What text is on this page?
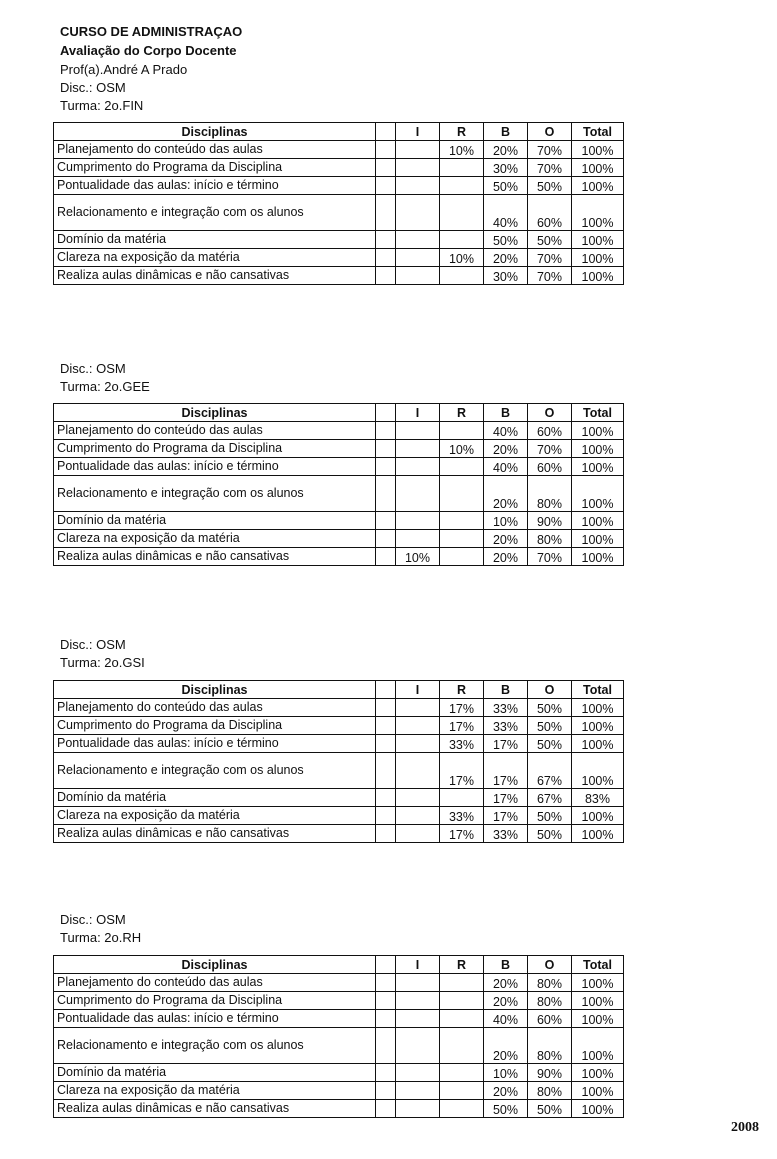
CURSO DE ADMINISTRAÇAO
Avaliação do Corpo Docente
Prof(a).André A Prado
Disc.: OSM
Turma: 2o.FIN
Disciplinas		I	R	B	O	Total
Planejamento do conteúdo das aulas			10%	20%	70%	100%
Cumprimento do Programa da Disciplina				30%	70%	100%
Pontualidade das aulas: início e término				50%	50%	100%
Relacionamento e integração com os alunos				40%	60%	100%
Domínio da matéria				50%	50%	100%
Clareza na exposição da matéria			10%	20%	70%	100%
Realiza aulas dinâmicas e não cansativas				30%	70%	100%
Disc.: OSM
Turma: 2o.GEE
Disciplinas		I	R	B	O	Total
Planejamento do conteúdo das aulas				40%	60%	100%
Cumprimento do Programa da Disciplina			10%	20%	70%	100%
Pontualidade das aulas: início e término				40%	60%	100%
Relacionamento e integração com os alunos				20%	80%	100%
Domínio da matéria				10%	90%	100%
Clareza na exposição da matéria				20%	80%	100%
Realiza aulas dinâmicas e não cansativas		10%		20%	70%	100%
Disc.: OSM
Turma: 2o.GSI
Disciplinas		I	R	B	O	Total
Planejamento do conteúdo das aulas			17%	33%	50%	100%
Cumprimento do Programa da Disciplina			17%	33%	50%	100%
Pontualidade das aulas: início e término			33%	17%	50%	100%
Relacionamento e integração com os alunos			17%	17%	67%	100%
Domínio da matéria				17%	67%	83%
Clareza na exposição da matéria			33%	17%	50%	100%
Realiza aulas dinâmicas e não cansativas			17%	33%	50%	100%
Disc.: OSM
Turma: 2o.RH
Disciplinas		I	R	B	O	Total
Planejamento do conteúdo das aulas				20%	80%	100%
Cumprimento do Programa da Disciplina				20%	80%	100%
Pontualidade das aulas: início e término				40%	60%	100%
Relacionamento e integração com os alunos				20%	80%	100%
Domínio da matéria				10%	90%	100%
Clareza na exposição da matéria				20%	80%	100%
Realiza aulas dinâmicas e não cansativas				50%	50%	100%
2008
